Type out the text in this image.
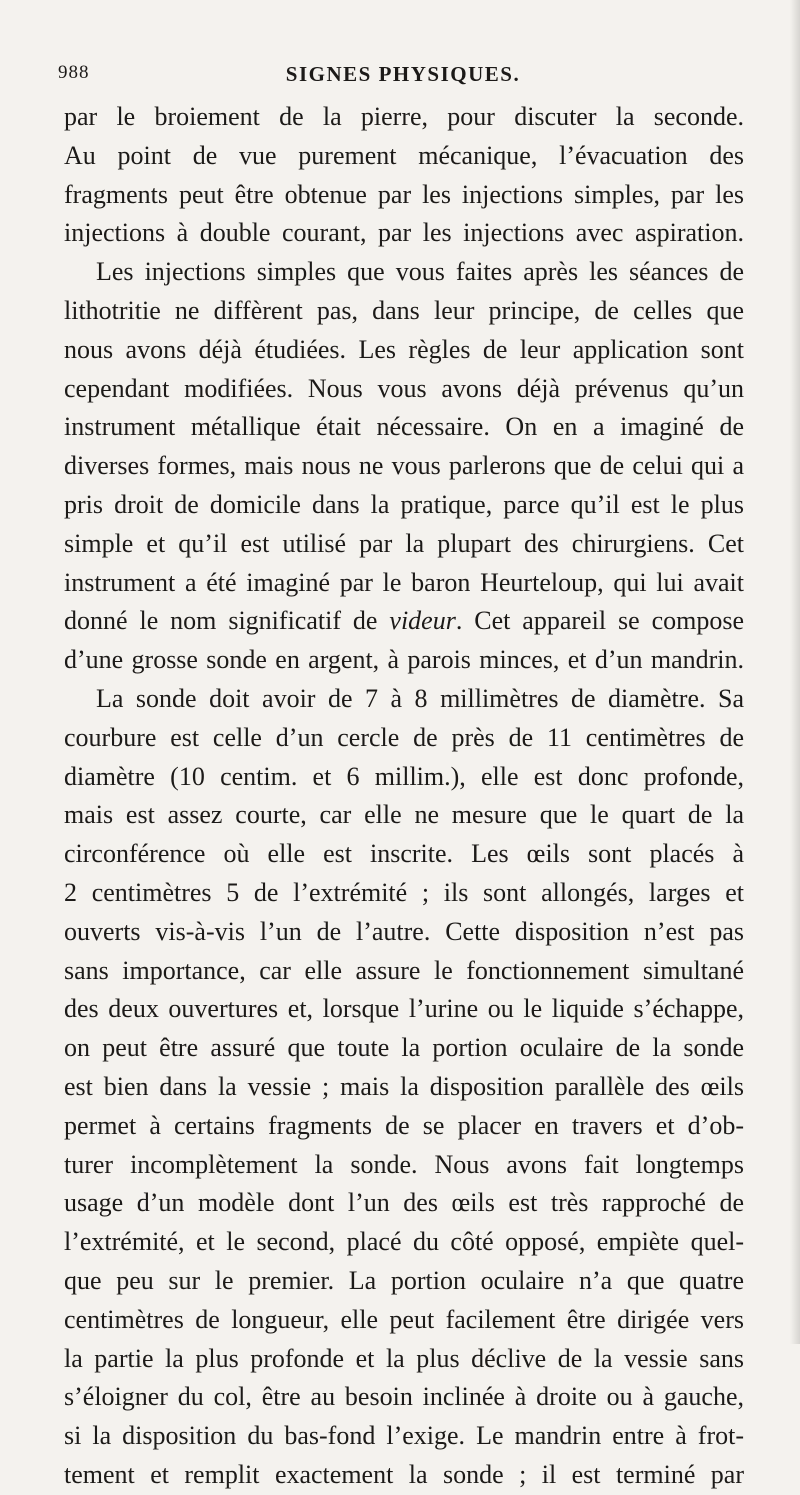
988	SIGNES PHYSIQUES.
par le broiement de la pierre, pour discuter la seconde.
Au point de vue purement mécanique, l’évacuation des
fragments peut être obtenue par les injections simples, par les
injections à double courant, par les injections avec aspiration.
Les injections simples que vous faites après les séances de
lithotritie ne diffèrent pas, dans leur principe, de celles que
nous avons déjà étudiées. Les règles de leur application sont
cependant modifiées. Nous vous avons déjà prévenus qu’un
instrument métallique était nécessaire. On en a imaginé de
diverses formes, mais nous ne vous parlerons que de celui qui a
pris droit de domicile dans la pratique, parce qu’il est le plus
simple et qu’il est utilisé par la plupart des chirurgiens. Cet
instrument a été imaginé par le baron Heurteloup, qui lui avait
donné le nom significatif de videur. Cet appareil se compose
d’une grosse sonde en argent, à parois minces, et d’un mandrin.
La sonde doit avoir de 7 à 8 millimètres de diamètre. Sa
courbure est celle d’un cercle de près de 11 centimètres de
diamètre (10 centim. et 6 millim.), elle est donc profonde,
mais est assez courte, car elle ne mesure que le quart de la
circonférence où elle est inscrite. Les œils sont placés à
2 centimètres 5 de l’extrémité ; ils sont allongés, larges et
ouverts vis-à-vis l’un de l’autre. Cette disposition n’est pas
sans importance, car elle assure le fonctionnement simultané
des deux ouvertures et, lorsque l’urine ou le liquide s’échappe,
on peut être assuré que toute la portion oculaire de la sonde
est bien dans la vessie ; mais la disposition parallèle des œils
permet à certains fragments de se placer en travers et d’ob-
turer incomplètement la sonde. Nous avons fait longtemps
usage d’un modèle dont l’un des œils est très rapproché de
l’extrémité, et le second, placé du côté opposé, empiète quel-
que peu sur le premier. La portion oculaire n’a que quatre
centimètres de longueur, elle peut facilement être dirigée vers
la partie la plus profonde et la plus déclive de la vessie sans
s’éloigner du col, être au besoin inclinée à droite ou à gauche,
si la disposition du bas-fond l’exige. Le mandrin entre à frot-
tement et remplit exactement la sonde ; il est terminé par
